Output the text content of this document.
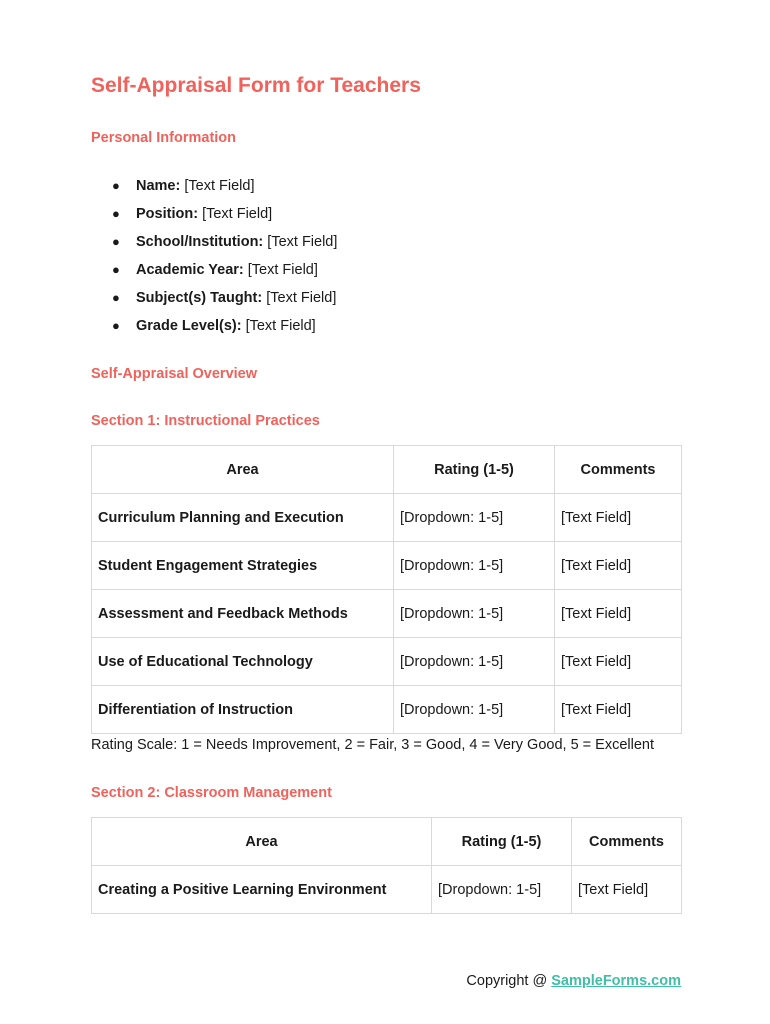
Self-Appraisal Form for Teachers
Personal Information
● Name: [Text Field]
● Position: [Text Field]
● School/Institution: [Text Field]
● Academic Year: [Text Field]
● Subject(s) Taught: [Text Field]
● Grade Level(s): [Text Field]
Self-Appraisal Overview
Section 1: Instructional Practices
Area	Rating (1-5)	Comments
Curriculum Planning and Execution	[Dropdown: 1-5]	[Text Field]
Student Engagement Strategies	[Dropdown: 1-5]	[Text Field]
Assessment and Feedback Methods	[Dropdown: 1-5]	[Text Field]
Use of Educational Technology	[Dropdown: 1-5]	[Text Field]
Differentiation of Instruction	[Dropdown: 1-5]	[Text Field]
Rating Scale: 1 = Needs Improvement, 2 = Fair, 3 = Good, 4 = Very Good, 5 = Excellent
Section 2: Classroom Management
Area	Rating (1-5)	Comments
Creating a Positive Learning Environment	[Dropdown: 1-5]	[Text Field]
Copyright @ SampleForms.com
